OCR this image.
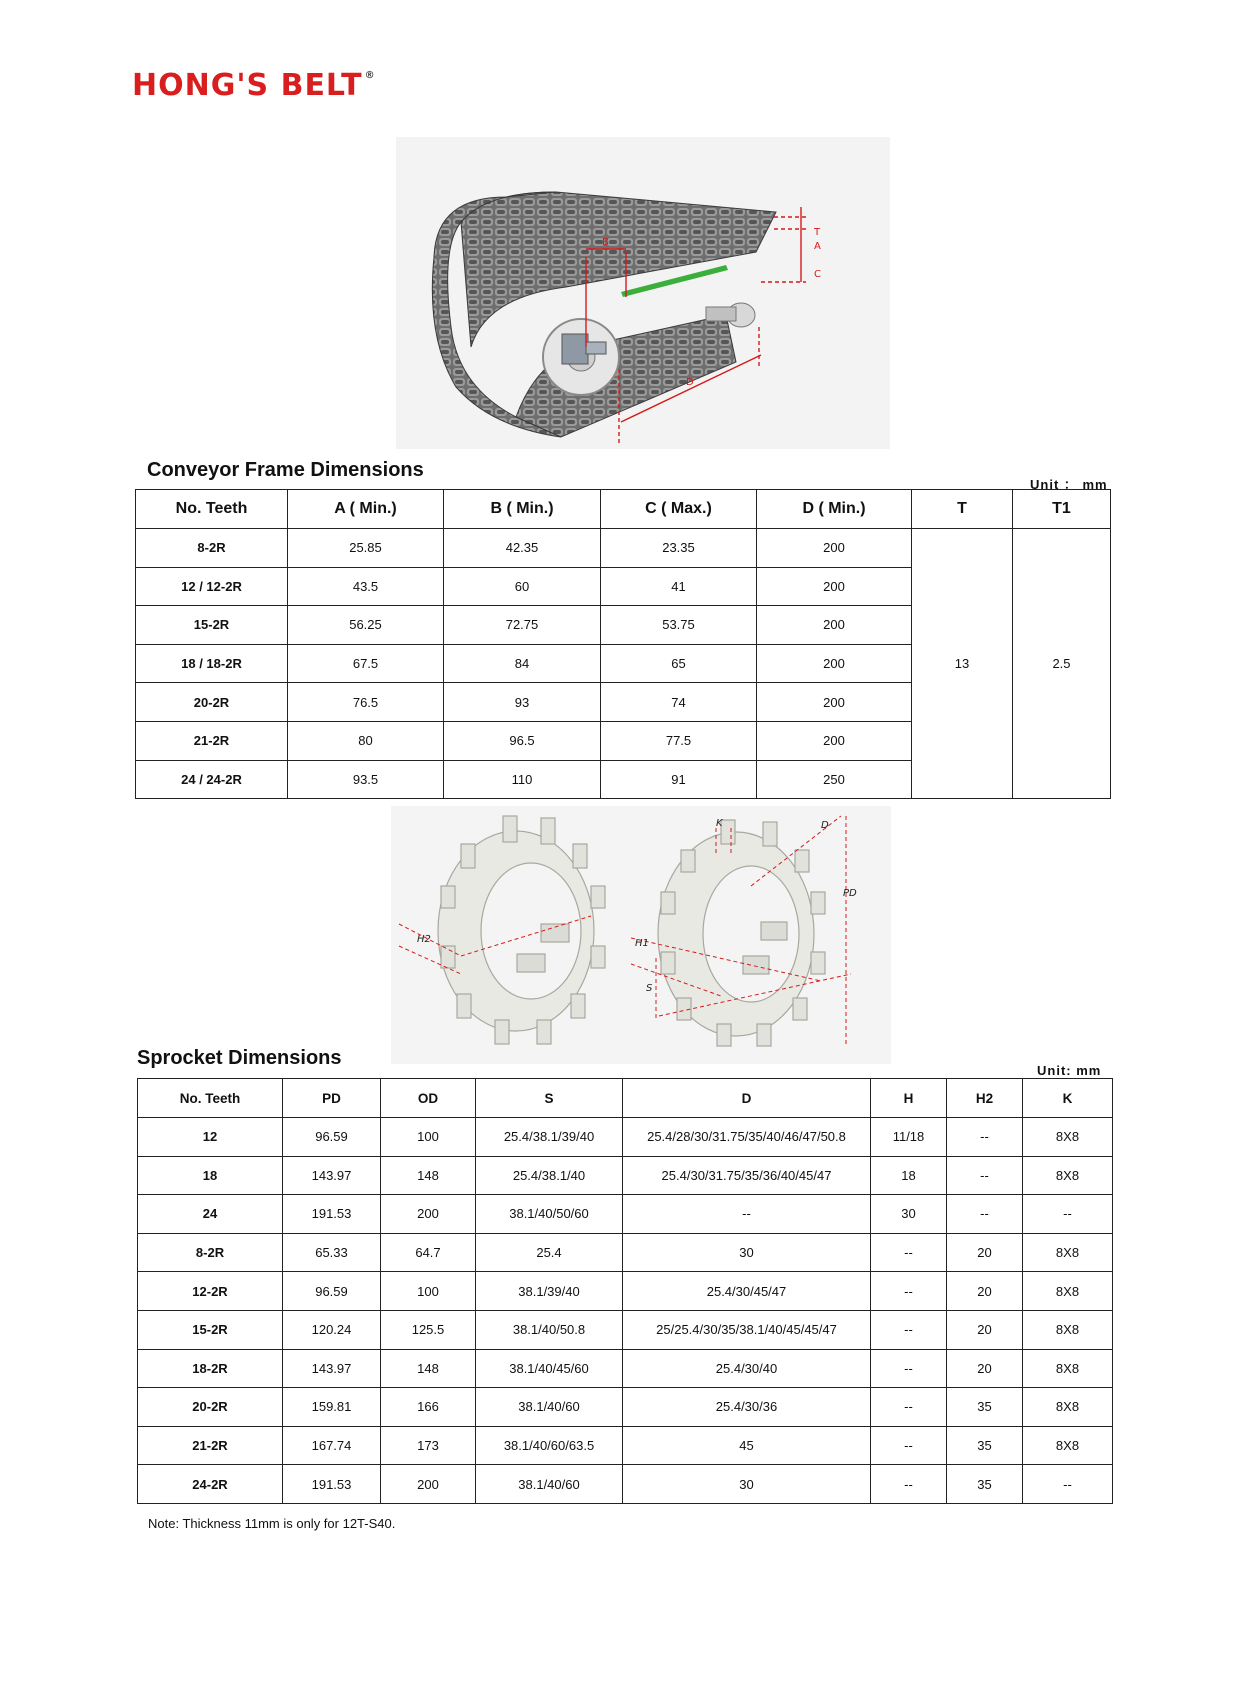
HONG'S BELT ®
T
A
C
B
D
Conveyor Frame Dimensions
Unit ： mm
No. Teeth	A ( Min.)	B ( Min.)	C ( Max.)	D ( Min.)	T	T1
8-2R	25.85	42.35	23.35	200	13	2.5
12 / 12-2R	43.5	60	41	200		
15-2R	56.25	72.75	53.75	200		
18 / 18-2R	67.5	84	65	200		
20-2R	76.5	93	74	200		
21-2R	80	96.5	77.5	200		
24 / 24-2R	93.5	110	91	250		
H2
K	D
PD
H1
S
Sprocket Dimensions
Unit: mm
No. Teeth	PD	OD	S	D	H	H2	K
12	96.59	100	25.4/38.1/39/40	25.4/28/30/31.75/35/40/46/47/50.8	11/18	--	8X8
18	143.97	148	25.4/38.1/40	25.4/30/31.75/35/36/40/45/47	18	--	8X8
24	191.53	200	38.1/40/50/60	--	30	--	--
8-2R	65.33	64.7	25.4	30	--	20	8X8
12-2R	96.59	100	38.1/39/40	25.4/30/45/47	--	20	8X8
15-2R	120.24	125.5	38.1/40/50.8	25/25.4/30/35/38.1/40/45/45/47	--	20	8X8
18-2R	143.97	148	38.1/40/45/60	25.4/30/40	--	20	8X8
20-2R	159.81	166	38.1/40/60	25.4/30/36	--	35	8X8
21-2R	167.74	173	38.1/40/60/63.5	45	--	35	8X8
24-2R	191.53	200	38.1/40/60	30	--	35	--
Note: Thickness 11mm is only for 12T-S40.
